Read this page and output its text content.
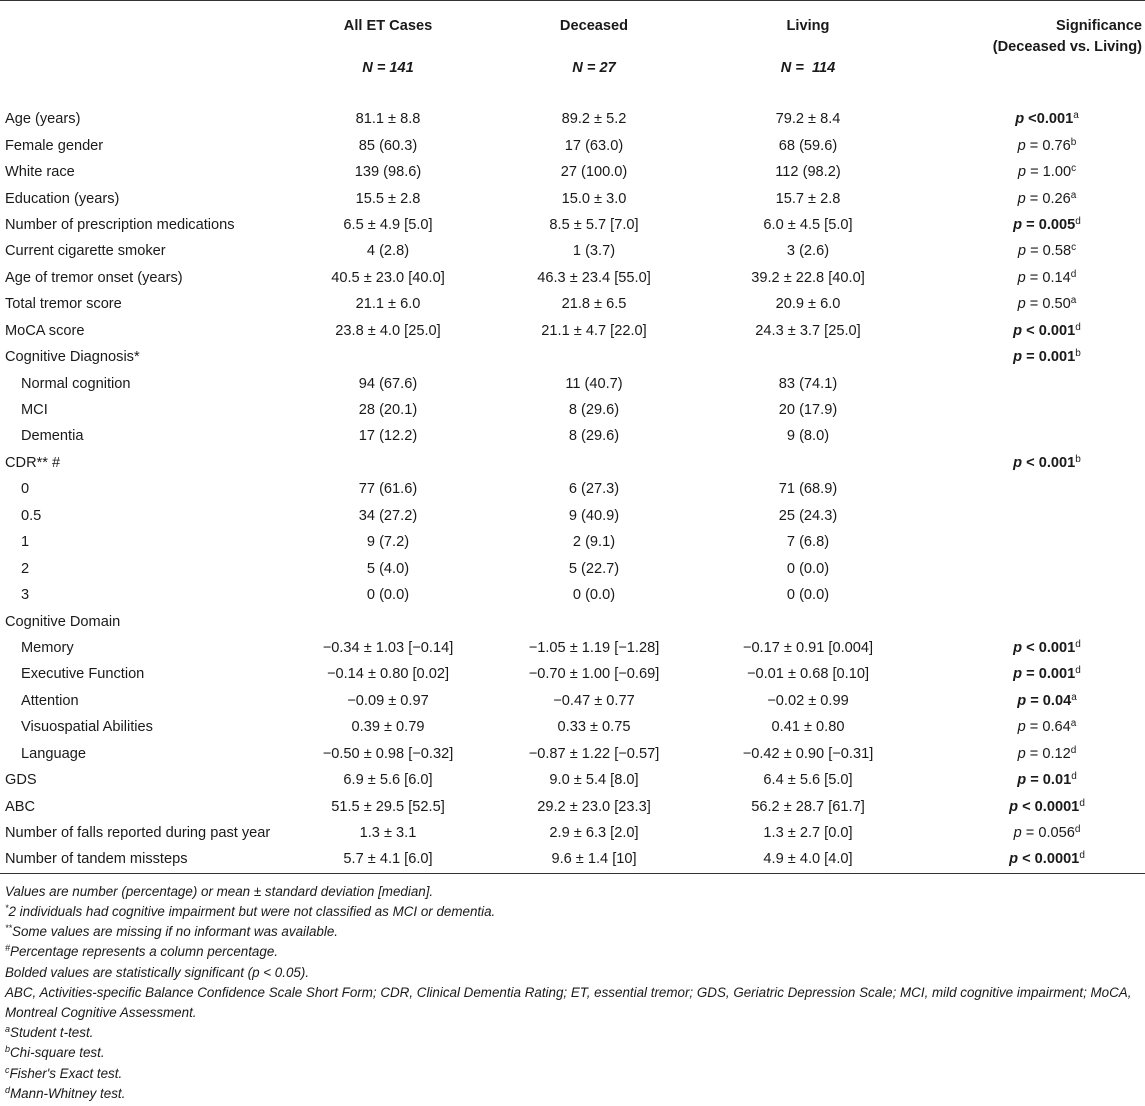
	All ET Cases	Deceased	Living	Significance
(Deceased vs. Living)
	N = 141	N = 27	N =  114	
Age (years)	81.1 ± 8.8	89.2 ± 5.2	79.2 ± 8.4	p <0.001$^a$
Female gender	85 (60.3)	17 (63.0)	68 (59.6)	p = 0.76$^b$
White race	139 (98.6)	27 (100.0)	112 (98.2)	p = 1.00$^c$
Education (years)	15.5 ± 2.8	15.0 ± 3.0	15.7 ± 2.8	p = 0.26$^a$
Number of prescription medications	6.5 ± 4.9 [5.0]	8.5 ± 5.7 [7.0]	6.0 ± 4.5 [5.0]	p = 0.005$^d$
Current cigarette smoker	4 (2.8)	1 (3.7)	3 (2.6)	p = 0.58$^c$
Age of tremor onset (years)	40.5 ± 23.0 [40.0]	46.3 ± 23.4 [55.0]	39.2 ± 22.8 [40.0]	p = 0.14$^d$
Total tremor score	21.1 ± 6.0	21.8 ± 6.5	20.9 ± 6.0	p = 0.50$^a$
MoCA score	23.8 ± 4.0 [25.0]	21.1 ± 4.7 [22.0]	24.3 ± 3.7 [25.0]	p < 0.001$^d$
Cognitive Diagnosis*				p = 0.001$^b$
Normal cognition	94 (67.6)	11 (40.7)	83 (74.1)	
MCI	28 (20.1)	8 (29.6)	20 (17.9)	
Dementia	17 (12.2)	8 (29.6)	9 (8.0)	
CDR** #				p < 0.001$^b$
0	77 (61.6)	6 (27.3)	71 (68.9)	
0.5	34 (27.2)	9 (40.9)	25 (24.3)	
1	9 (7.2)	2 (9.1)	7 (6.8)	
2	5 (4.0)	5 (22.7)	0 (0.0)	
3	0 (0.0)	0 (0.0)	0 (0.0)	
Cognitive Domain				
Memory	−0.34 ± 1.03 [−0.14]	−1.05 ± 1.19 [−1.28]	−0.17 ± 0.91 [0.004]	p < 0.001$^d$
Executive Function	−0.14 ± 0.80 [0.02]	−0.70 ± 1.00 [−0.69]	−0.01 ± 0.68 [0.10]	p = 0.001$^d$
Attention	−0.09 ± 0.97	−0.47 ± 0.77	−0.02 ± 0.99	p = 0.04$^a$
Visuospatial Abilities	0.39 ± 0.79	0.33 ± 0.75	0.41 ± 0.80	p = 0.64$^a$
Language	−0.50 ± 0.98 [−0.32]	−0.87 ± 1.22 [−0.57]	−0.42 ± 0.90 [−0.31]	p = 0.12$^d$
GDS	6.9 ± 5.6 [6.0]	9.0 ± 5.4 [8.0]	6.4 ± 5.6 [5.0]	p = 0.01$^d$
ABC	51.5 ± 29.5 [52.5]	29.2 ± 23.0 [23.3]	56.2 ± 28.7 [61.7]	p < 0.0001$^d$
Number of falls reported during past year	1.3 ± 3.1	2.9 ± 6.3 [2.0]	1.3 ± 2.7 [0.0]	p = 0.056$^d$
Number of tandem missteps	5.7 ± 4.1 [6.0]	9.6 ± 1.4 [10]	4.9 ± 4.0 [4.0]	p < 0.0001$^d$

Values are number (percentage) or mean ± standard deviation [median].

*2 individuals had cognitive impairment but were not classified as MCI or dementia.

**Some values are missing if no informant was available.

#Percentage represents a column percentage.

Bolded values are statistically significant (p < 0.05).

ABC, Activities-specific Balance Confidence Scale Short Form; CDR, Clinical Dementia Rating; ET, essential tremor; GDS, Geriatric Depression Scale; MCI, mild cognitive impairment; MoCA, Montreal Cognitive Assessment.

$^a$Student t-test.

$^b$Chi-square test.

$^c$Fisher's Exact test.

$^d$Mann-Whitney test.
